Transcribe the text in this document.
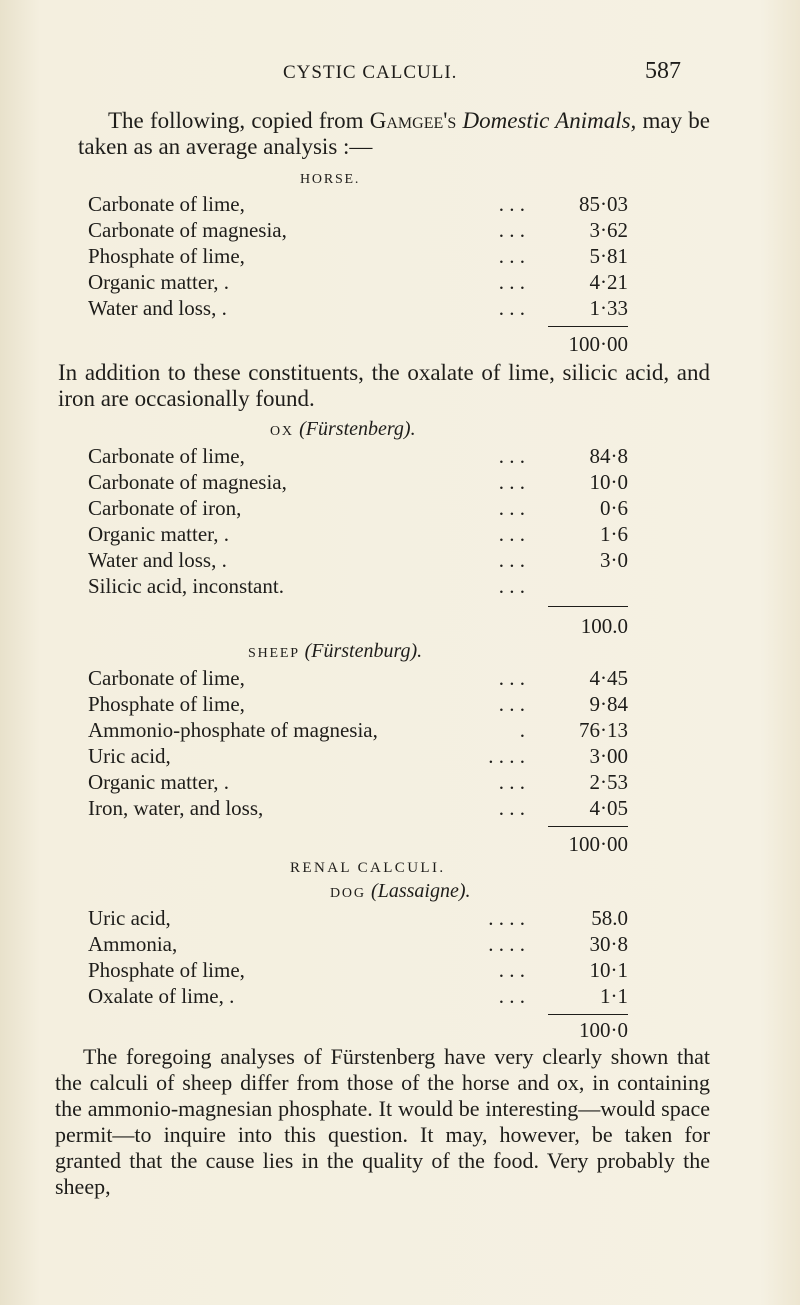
CYSTIC CALCULI.	587

The following, copied from Gamgee's Domestic Animals, may be taken as an average analysis :—

HORSE.
Carbonate of lime,	. . .	85·03
Carbonate of magnesia,	. . .	3·62
Phosphate of lime,	. . .	5·81
Organic matter, .	. . .	4·21
Water and loss, .	. . .	1·33
100·00

In addition to these constituents, the oxalate of lime, silicic acid, and iron are occasionally found.

OX (Fürstenberg).
Carbonate of lime,	. . .	84·8
Carbonate of magnesia,	. . .	10·0
Carbonate of iron,	. . .	0·6
Organic matter, .	. . .	1·6
Water and loss, .	. . .	3·0
Silicic acid, inconstant.	. . .
100.0
SHEEP (Fürstenburg).
Carbonate of lime,	. . .	4·45
Phosphate of lime,	. . .	9·84
Ammonio-phosphate of magnesia,	.	76·13
Uric acid,	. . . .	3·00
Organic matter, .	. . .	2·53
Iron, water, and loss,	. . .	4·05
100·00
RENAL CALCULI.
DOG (Lassaigne).
Uric acid,	. . . .	58.0
Ammonia,	. . . .	30·8
Phosphate of lime,	. . .	10·1
Oxalate of lime, .	. . .	1·1
100·0

The foregoing analyses of Fürstenberg have very clearly shown that the calculi of sheep differ from those of the horse and ox, in containing the ammonio-magnesian phosphate. It would be interesting—would space permit—to inquire into this question. It may, however, be taken for granted that the cause lies in the quality of the food. Very probably the sheep,
